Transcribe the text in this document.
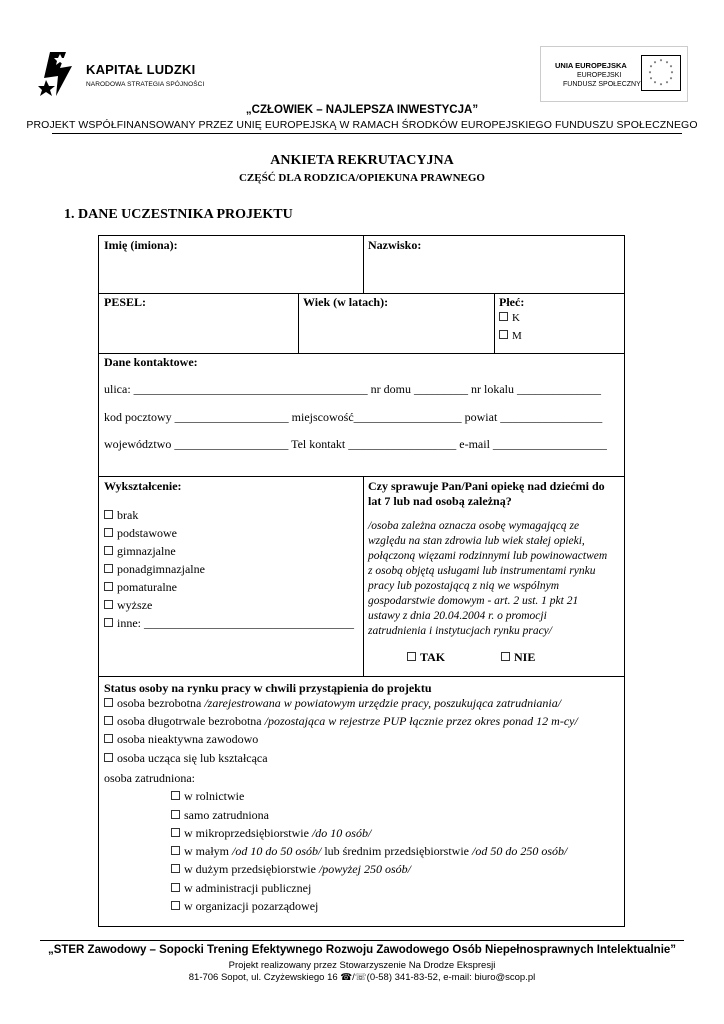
KAPITAŁ LUDZKI
NARODOWA STRATEGIA SPÓJNOŚCI
UNIA EUROPEJSKA
EUROPEJSKI
FUNDUSZ SPOŁECZNY
* *
*
*
*
*
*
*
*
*
*
*
„CZŁOWIEK – NAJLEPSZA INWESTYCJA”
PROJEKT WSPÓŁFINANSOWANY PRZEZ UNIĘ EUROPEJSKĄ W RAMACH ŚRODKÓW EUROPEJSKIEGO FUNDUSZU SPOŁECZNEGO
ANKIETA REKRUTACYJNA
CZĘŚĆ DLA RODZICA/OPIEKUNA PRAWNEGO
1. DANE UCZESTNIKA PROJEKTU
Imię (imiona):	Nazwisko:
PESEL:	Wiek (w latach):	Płeć:
K
M
Dane kontaktowe:
ulica: _______________________________________ nr domu _________ nr lokalu ______________
kod pocztowy ___________________ miejscowość__________________ powiat _________________
województwo ___________________ Tel kontakt __________________ e-mail ___________________
Wykształcenie:
brak
podstawowe
gimnazjalne
ponadgimnazjalne
pomaturalne
wyższe
inne: ___________________________________
Czy sprawuje Pan/Pani opiekę nad dziećmi do
lat 7 lub nad osobą zależną?
/osoba zależna oznacza osobę wymagającą ze
względu na stan zdrowia lub wiek stałej opieki,
połączoną więzami rodzinnymi lub powinowactwem
z osobą objętą usługami lub instrumentami rynku
pracy lub pozostającą z nią we wspólnym
gospodarstwie domowym - art. 2 ust. 1 pkt 21
ustawy z dnia 20.04.2004 r. o promocji
zatrudnienia i instytucjach rynku pracy/
TAK	NIE
Status osoby na rynku pracy w chwili przystąpienia do projektu
osoba bezrobotna /zarejestrowana w powiatowym urzędzie pracy, poszukująca zatrudniania/
osoba długotrwale bezrobotna /pozostająca w rejestrze PUP łącznie przez okres ponad 12 m-cy/
osoba nieaktywna zawodowo
osoba ucząca się lub kształcąca
osoba zatrudniona:
w rolnictwie
samo zatrudniona
w mikroprzedsiębiorstwie /do 10 osób/
w małym /od 10 do 50 osób/ lub średnim przedsiębiorstwie /od 50 do 250 osób/
w dużym przedsiębiorstwie /powyżej 250 osób/
w administracji publicznej
w organizacji pozarządowej
„STER Zawodowy – Sopocki Trening Efektywnego Rozwoju Zawodowego Osób Niepełnosprawnych Intelektualnie”
Projekt realizowany przez Stowarzyszenie Na Drodze Ekspresji
81-706 Sopot, ul. Czyżewskiego 16 ☎/☏(0-58) 341-83-52, e-mail: biuro@scop.pl
